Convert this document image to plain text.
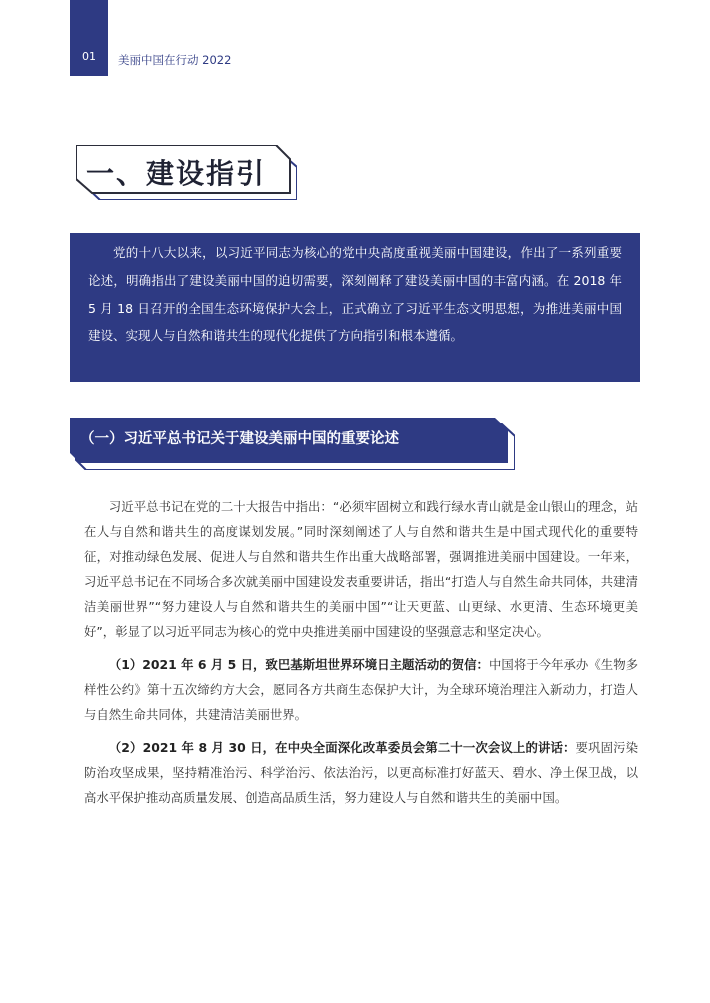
01	美丽中国在行动 2022
一、建设指引

党的十八大以来，以习近平同志为核心的党中央高度重视美丽中国建设，作出了一系列重要论述，明确指出了建设美丽中国的迫切需要，深刻阐释了建设美丽中国的丰富内涵。在 2018 年 5 月 18 日召开的全国生态环境保护大会上，正式确立了习近平生态文明思想，为推进美丽中国建设、实现人与自然和谐共生的现代化提供了方向指引和根本遵循。

（一）习近平总书记关于建设美丽中国的重要论述

习近平总书记在党的二十大报告中指出：“必须牢固树立和践行绿水青山就是金山银山的理念，站在人与自然和谐共生的高度谋划发展。”同时深刻阐述了人与自然和谐共生是中国式现代化的重要特征，对推动绿色发展、促进人与自然和谐共生作出重大战略部署，强调推进美丽中国建设。一年来，习近平总书记在不同场合多次就美丽中国建设发表重要讲话，指出“打造人与自然生命共同体，共建清洁美丽世界”“努力建设人与自然和谐共生的美丽中国”“让天更蓝、山更绿、水更清、生态环境更美好”，彰显了以习近平同志为核心的党中央推进美丽中国建设的坚强意志和坚定决心。

（1）2021 年 6 月 5 日，致巴基斯坦世界环境日主题活动的贺信：中国将于今年承办《生物多样性公约》第十五次缔约方大会，愿同各方共商生态保护大计，为全球环境治理注入新动力，打造人与自然生命共同体，共建清洁美丽世界。

（2）2021 年 8 月 30 日，在中央全面深化改革委员会第二十一次会议上的讲话：要巩固污染防治攻坚成果，坚持精准治污、科学治污、依法治污，以更高标准打好蓝天、碧水、净土保卫战，以高水平保护推动高质量发展、创造高品质生活，努力建设人与自然和谐共生的美丽中国。
